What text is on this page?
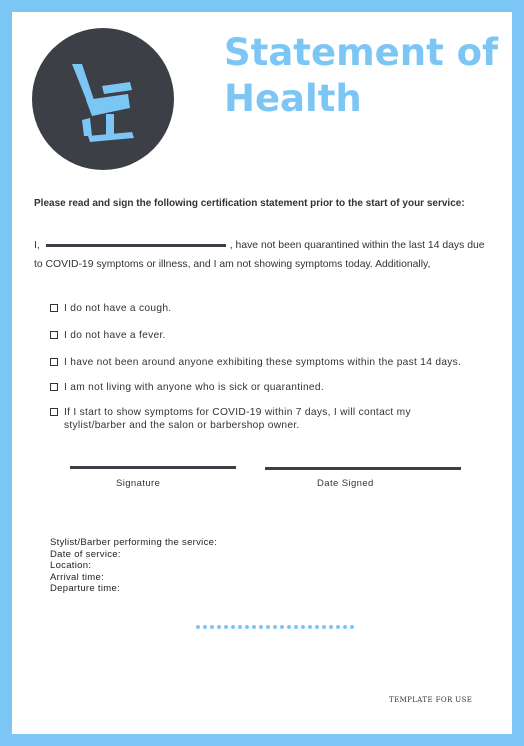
Statement of
Health

Please read and sign the following certification statement prior to the start of your service:

I,	, have not been quarantined within the last 14 days due to COVID-19 symptoms or illness, and I am not showing symptoms today. Additionally,

I do not have a cough.
I do not have a fever.
I have not been around anyone exhibiting these symptoms within the past 14 days.
I am not living with anyone who is sick or quarantined.
If I start to show symptoms for COVID-19 within 7 days, I will contact my stylist/barber and the salon or barbershop owner.
Signature	Date Signed
Stylist/Barber performing the service:
Date of service:
Location:
Arrival time:
Departure time:
TEMPLATE FOR USE
